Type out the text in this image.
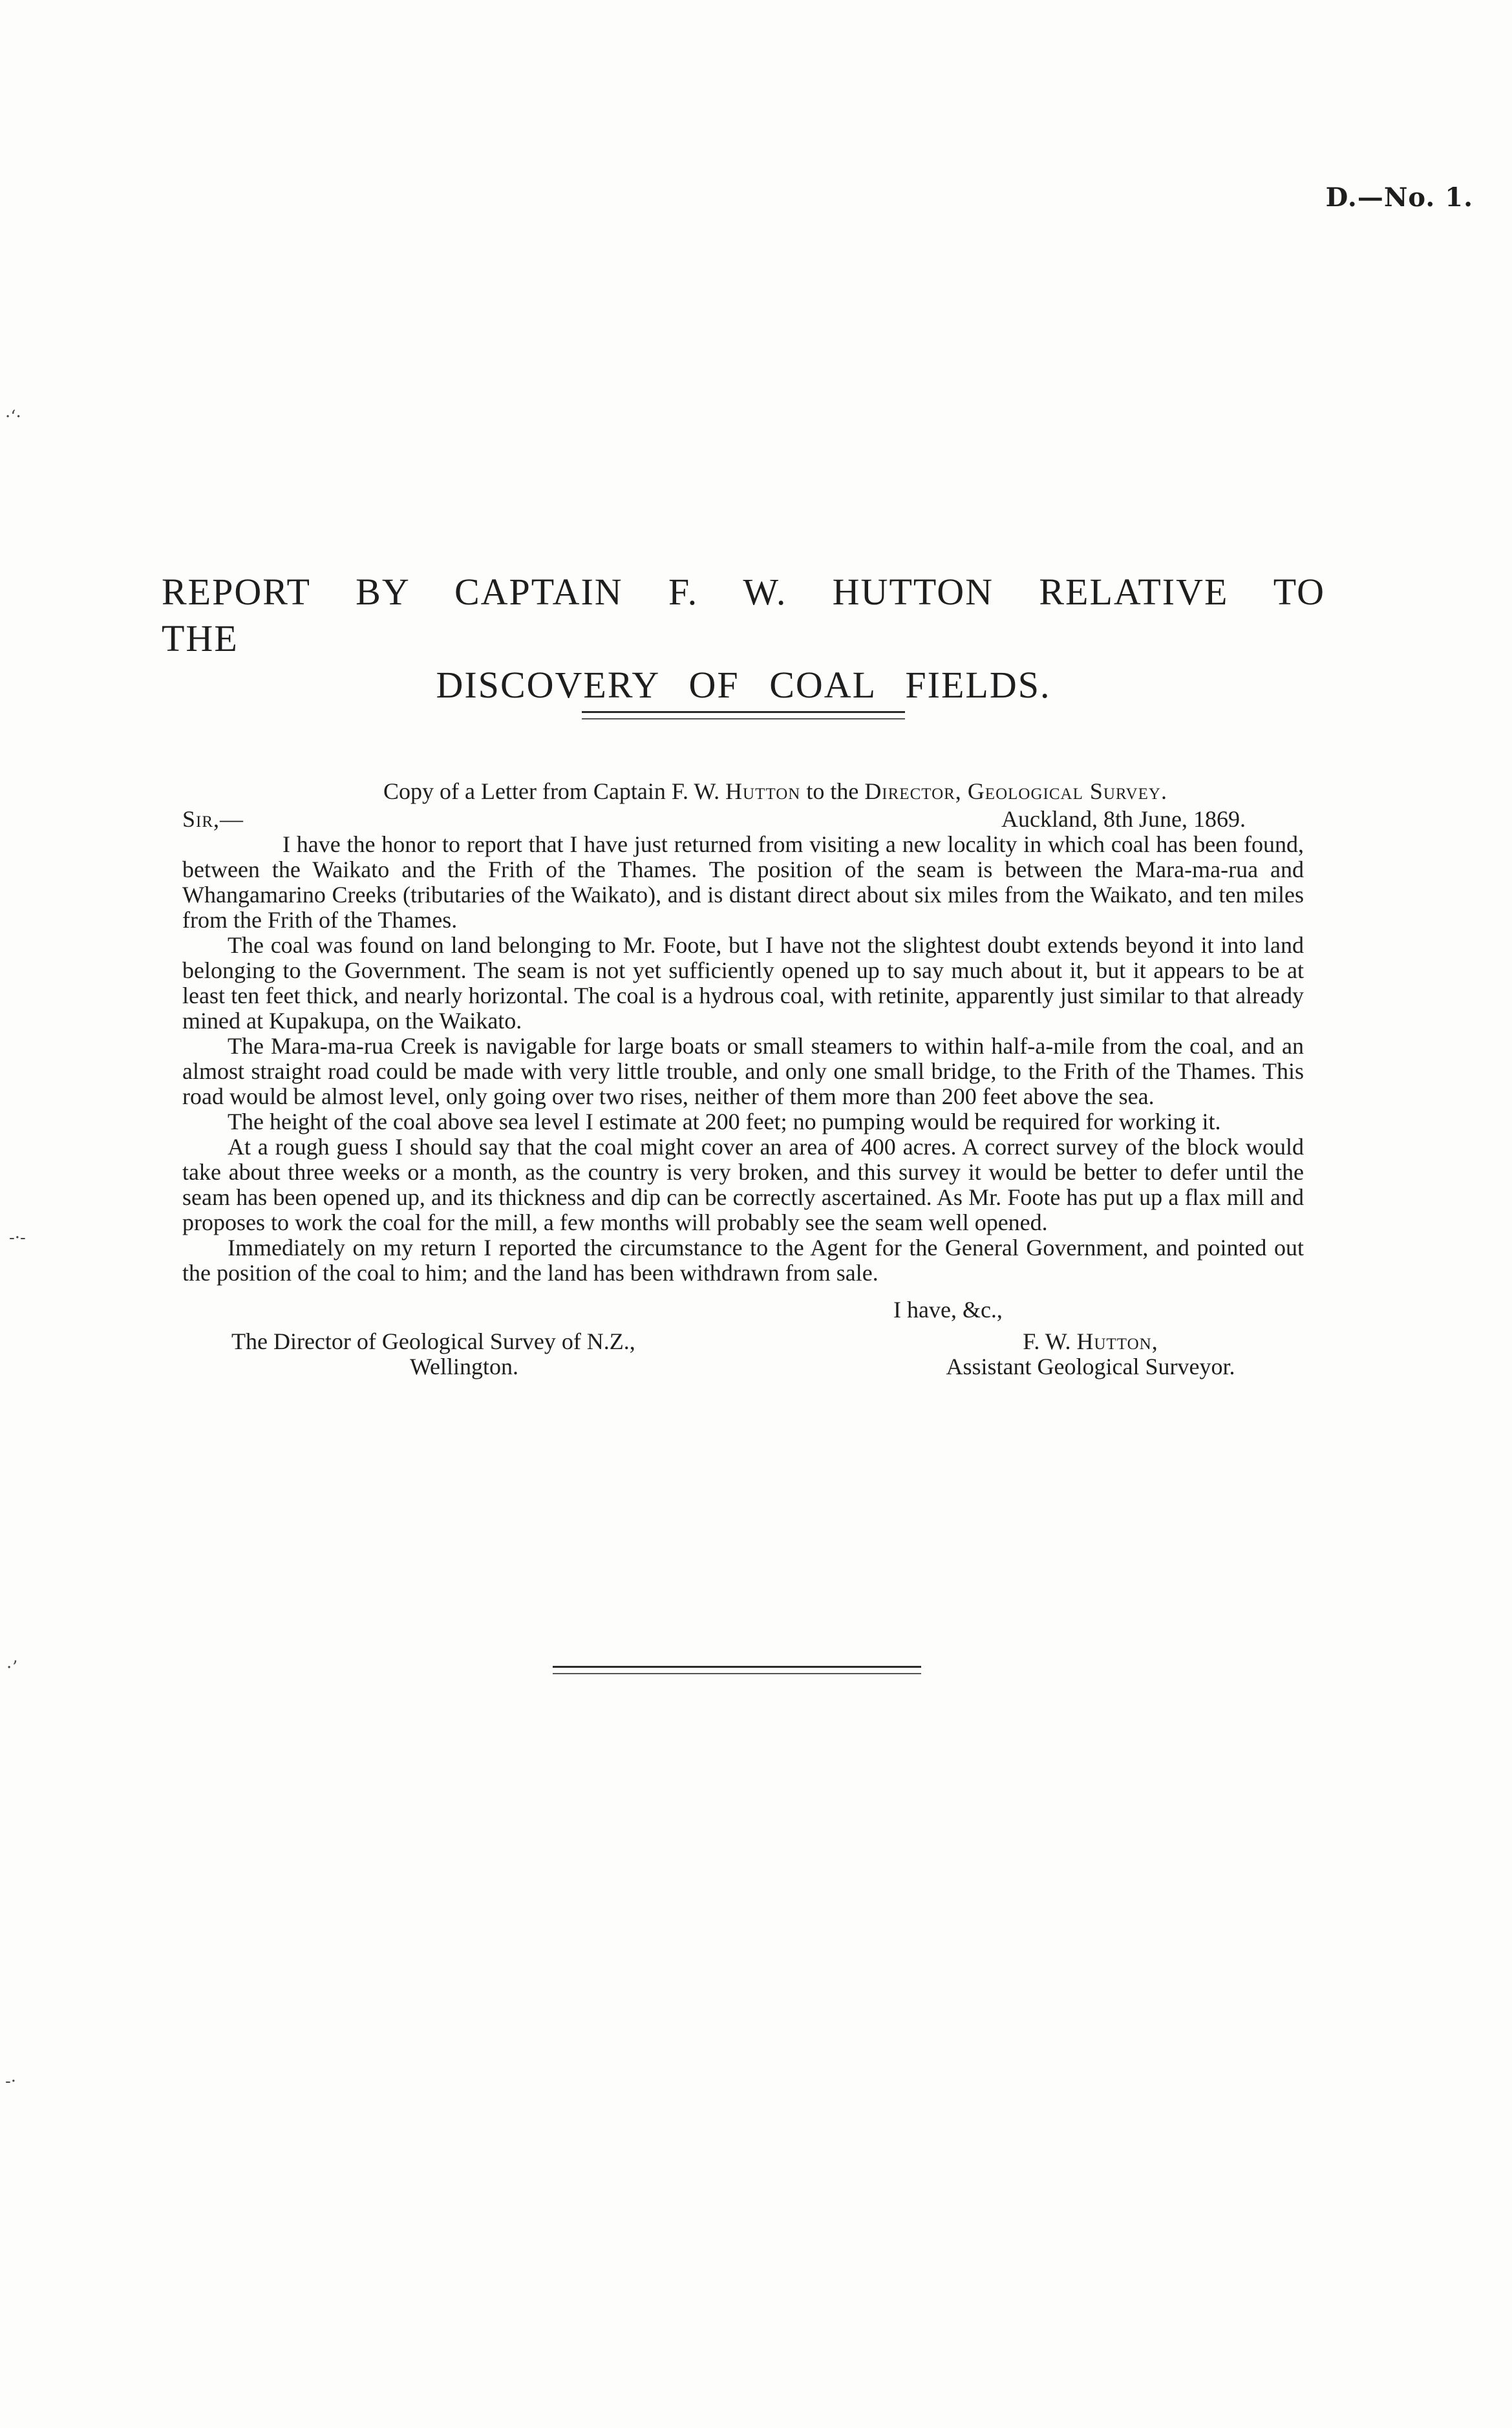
D.—No. 1.
REPORT BY CAPTAIN F. W. HUTTON RELATIVE TO THE
DISCOVERY OF COAL FIELDS.
Copy of a Letter from Captain F. W. Hutton to the Director, Geological Survey.
Sir,—	Auckland, 8th June, 1869.

I have the honor to report that I have just returned from visiting a new locality in which coal has been found, between the Waikato and the Frith of the Thames. The position of the seam is between the Mara-ma-rua and Whangamarino Creeks (tributaries of the Waikato), and is distant direct about six miles from the Waikato, and ten miles from the Frith of the Thames.

The coal was found on land belonging to Mr. Foote, but I have not the slightest doubt extends beyond it into land belonging to the Government. The seam is not yet sufficiently opened up to say much about it, but it appears to be at least ten feet thick, and nearly horizontal. The coal is a hydrous coal, with retinite, apparently just similar to that already mined at Kupakupa, on the Waikato.

The Mara-ma-rua Creek is navigable for large boats or small steamers to within half-a-mile from the coal, and an almost straight road could be made with very little trouble, and only one small bridge, to the Frith of the Thames. This road would be almost level, only going over two rises, neither of them more than 200 feet above the sea.

The height of the coal above sea level I estimate at 200 feet; no pumping would be required for working it.

At a rough guess I should say that the coal might cover an area of 400 acres. A correct survey of the block would take about three weeks or a month, as the country is very broken, and this survey it would be better to defer until the seam has been opened up, and its thickness and dip can be correctly ascertained. As Mr. Foote has put up a flax mill and proposes to work the coal for the mill, a few months will probably see the seam well opened.

Immediately on my return I reported the circumstance to the Agent for the General Government, and pointed out the position of the coal to him; and the land has been withdrawn from sale.

I have, &c.,
The Director of Geological Survey of N.Z.,
Wellington.
F. W. Hutton,
Assistant Geological Surveyor.
·ʻ·
-·-
·ʼ
-·
